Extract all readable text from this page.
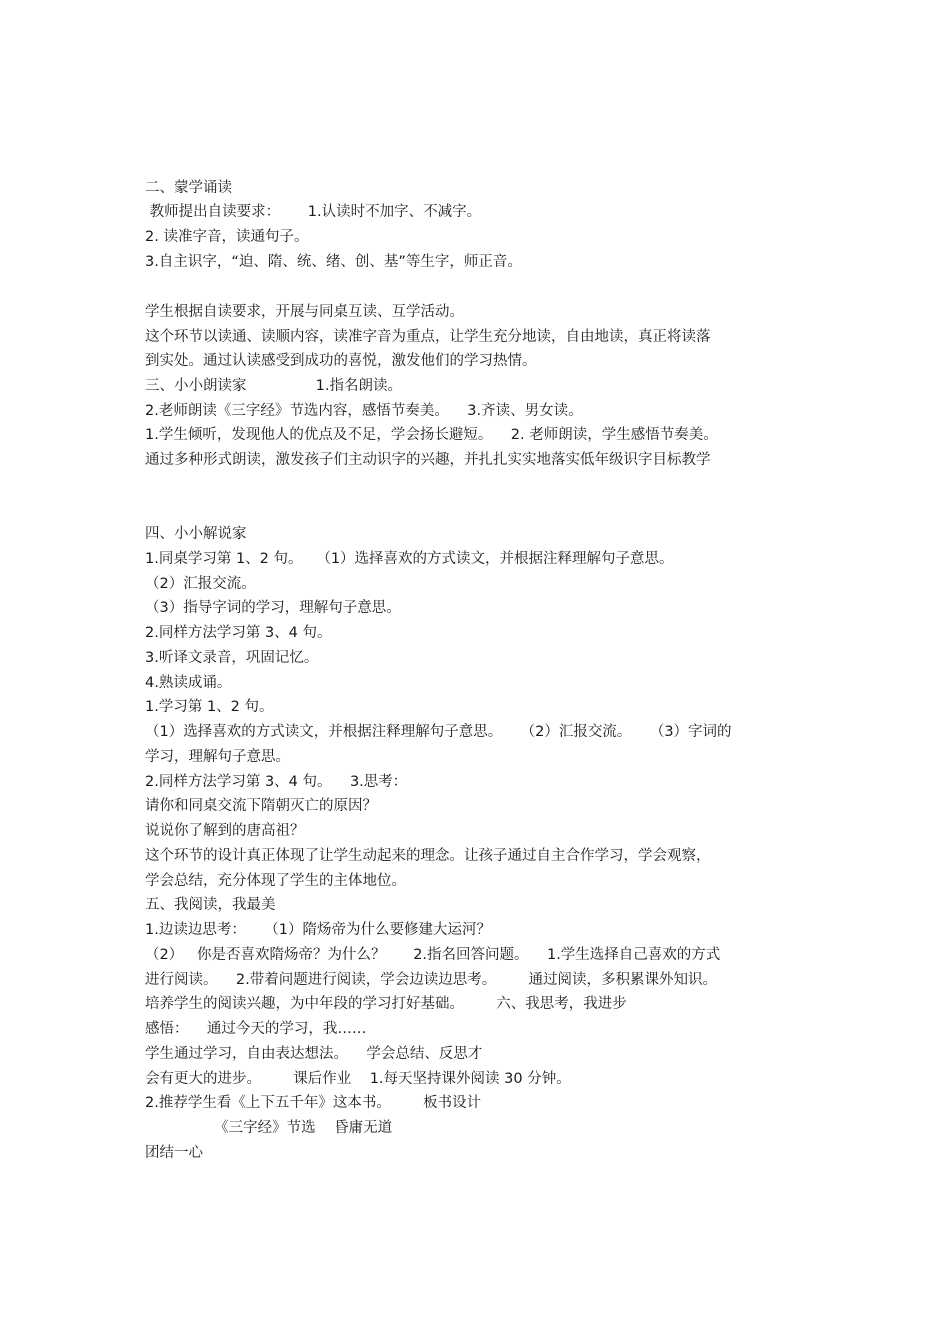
二、蒙学诵读
教师提出自读要求：      1.认读时不加字、不减字。
2. 读准字音，读通句子。
3.自主识字，“迫、隋、统、绪、创、基”等生字，师正音。
学生根据自读要求，开展与同桌互读、互学活动。
这个环节以读通、读顺内容，读准字音为重点，让学生充分地读，自由地读，真正将读落
到实处。通过认读感受到成功的喜悦，激发他们的学习热情。
三、小小朗读家               1.指名朗读。
2.老师朗读《三字经》节选内容，感悟节奏美。    3.齐读、男女读。
1.学生倾听，发现他人的优点及不足，学会扬长避短。    2. 老师朗读，学生感悟节奏美。
通过多种形式朗读，激发孩子们主动识字的兴趣，并扎扎实实地落实低年级识字目标教学
四、小小解说家
1.同桌学习第 1、2 句。   （1）选择喜欢的方式读文，并根据注释理解句子意思。
（2）汇报交流。
（3）指导字词的学习，理解句子意思。
2.同样方法学习第 3、4 句。
3.听译文录音，巩固记忆。
4.熟读成诵。
1.学习第 1、2 句。
（1）选择喜欢的方式读文，并根据注释理解句子意思。    （2）汇报交流。    （3）字词的
学习，理解句子意思。
2.同样方法学习第 3、4 句。    3.思考：
请你和同桌交流下隋朝灭亡的原因？
说说你了解到的唐高祖？
这个环节的设计真正体现了让学生动起来的理念。让孩子通过自主合作学习，学会观察，
学会总结，充分体现了学生的主体地位。
五、我阅读，我最美
1.边读边思考：    （1）隋炀帝为什么要修建大运河？
（2）   你是否喜欢隋炀帝？为什么？      2.指名回答问题。    1.学生选择自己喜欢的方式
进行阅读。    2.带着问题进行阅读，学会边读边思考。       通过阅读，多积累课外知识。
培养学生的阅读兴趣，为中年段的学习打好基础。       六、我思考，我进步
感悟：    通过今天的学习，我……
学生通过学习，自由表达想法。    学会总结、反思才
会有更大的进步。       课后作业    1.每天坚持课外阅读 30 分钟。
2.推荐学生看《上下五千年》这本书。       板书设计
《三字经》节选    昏庸无道
团结一心
